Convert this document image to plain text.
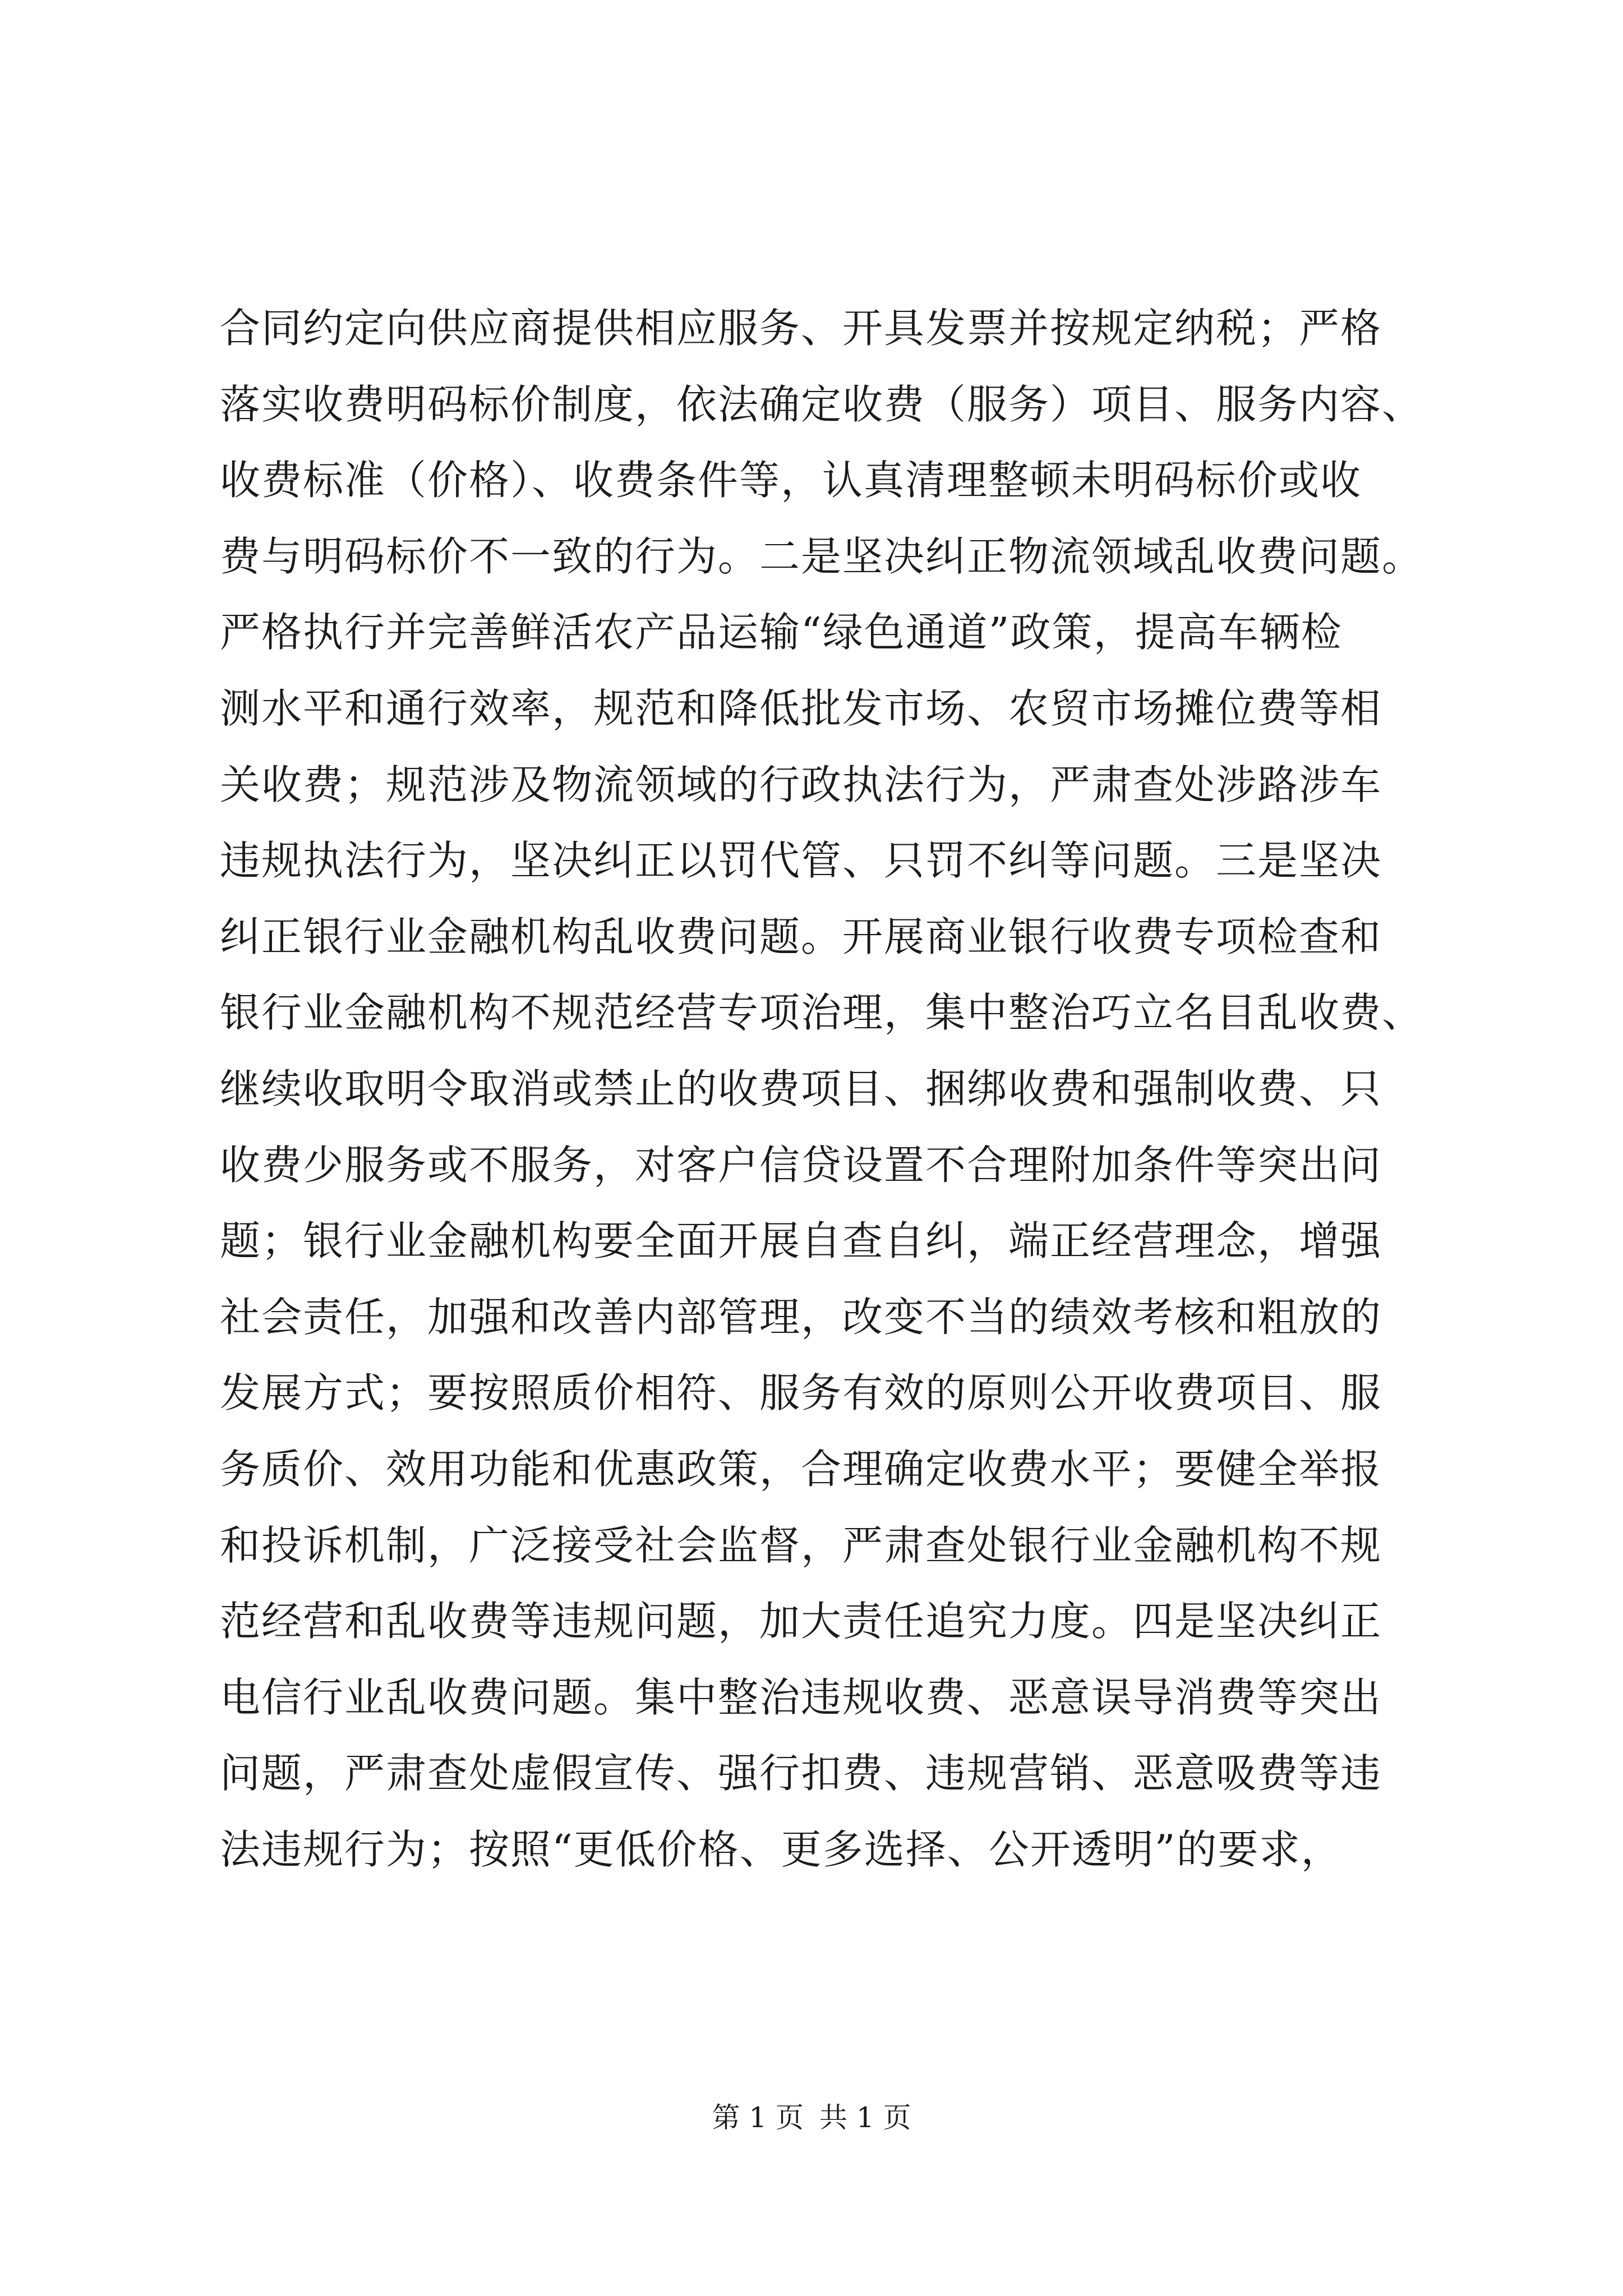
合同约定向供应商提供相应服务、开具发票并按规定纳税；严格
落实收费明码标价制度，依法确定收费（服务）项目、服务内容、
收费标准（价格）、收费条件等，认真清理整顿未明码标价或收
费与明码标价不一致的行为。二是坚决纠正物流领域乱收费问题。
严格执行并完善鲜活农产品运输“绿色通道”政策，提高车辆检
测水平和通行效率，规范和降低批发市场、农贸市场摊位费等相
关收费；规范涉及物流领域的行政执法行为，严肃查处涉路涉车
违规执法行为，坚决纠正以罚代管、只罚不纠等问题。三是坚决
纠正银行业金融机构乱收费问题。开展商业银行收费专项检查和
银行业金融机构不规范经营专项治理，集中整治巧立名目乱收费、
继续收取明令取消或禁止的收费项目、捆绑收费和强制收费、只
收费少服务或不服务，对客户信贷设置不合理附加条件等突出问
题；银行业金融机构要全面开展自查自纠，端正经营理念，增强
社会责任，加强和改善内部管理，改变不当的绩效考核和粗放的
发展方式；要按照质价相符、服务有效的原则公开收费项目、服
务质价、效用功能和优惠政策，合理确定收费水平；要健全举报
和投诉机制，广泛接受社会监督，严肃查处银行业金融机构不规
范经营和乱收费等违规问题，加大责任追究力度。四是坚决纠正
电信行业乱收费问题。集中整治违规收费、恶意误导消费等突出
问题，严肃查处虚假宣传、强行扣费、违规营销、恶意吸费等违
法违规行为；按照“更低价格、更多选择、公开透明”的要求，
第 1 页 共 1 页
